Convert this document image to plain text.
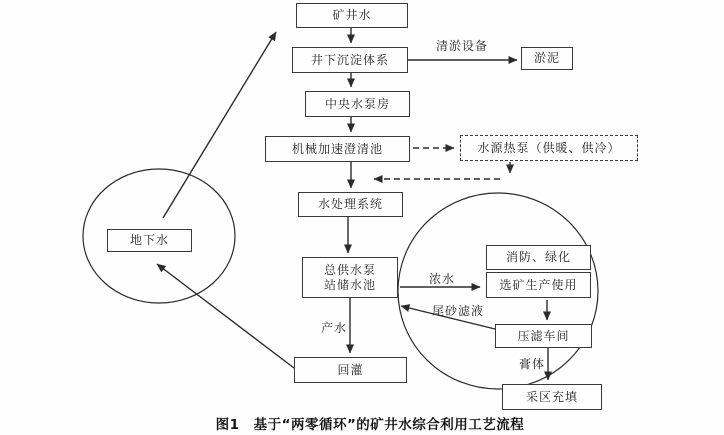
矿井水
井下沉淀体系	淤泥
中央水泵房
机械加速澄清池	水源热泵（供暖、供冷）
水处理系统
总供水泵
站储水池
回灌
地下水
消防、绿化
选矿生产使用
压滤车间
采区充填
清淤设备
浓水
尾砂滤液
产水
膏体
图1　基于“两零循环”的矿井水综合利用工艺流程
